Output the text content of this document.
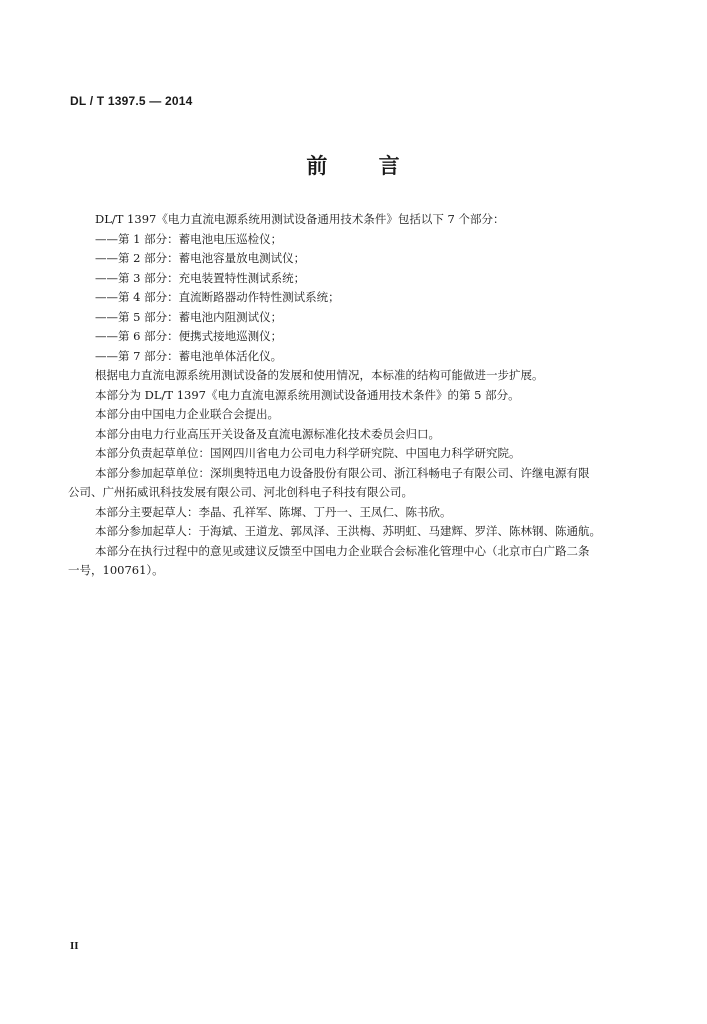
DL / T 1397.5 — 2014
前 言
DL/T 1397《电力直流电源系统用测试设备通用技术条件》包括以下 7 个部分：
——第 1 部分：蓄电池电压巡检仪；
——第 2 部分：蓄电池容量放电测试仪；
——第 3 部分：充电装置特性测试系统；
——第 4 部分：直流断路器动作特性测试系统；
——第 5 部分：蓄电池内阻测试仪；
——第 6 部分：便携式接地巡测仪；
——第 7 部分：蓄电池单体活化仪。
根据电力直流电源系统用测试设备的发展和使用情况，本标准的结构可能做进一步扩展。
本部分为 DL/T 1397《电力直流电源系统用测试设备通用技术条件》的第 5 部分。
本部分由中国电力企业联合会提出。
本部分由电力行业高压开关设备及直流电源标准化技术委员会归口。
本部分负责起草单位：国网四川省电力公司电力科学研究院、中国电力科学研究院。
本部分参加起草单位：深圳奥特迅电力设备股份有限公司、浙江科畅电子有限公司、许继电源有限
公司、广州拓威讯科技发展有限公司、河北创科电子科技有限公司。
本部分主要起草人：李晶、孔祥军、陈墀、丁丹一、王凤仁、陈书欣。
本部分参加起草人：于海斌、王道龙、郭凤泽、王洪梅、苏明虹、马建辉、罗洋、陈林钢、陈通航。
本部分在执行过程中的意见或建议反馈至中国电力企业联合会标准化管理中心（北京市白广路二条
一号，100761）。
II
